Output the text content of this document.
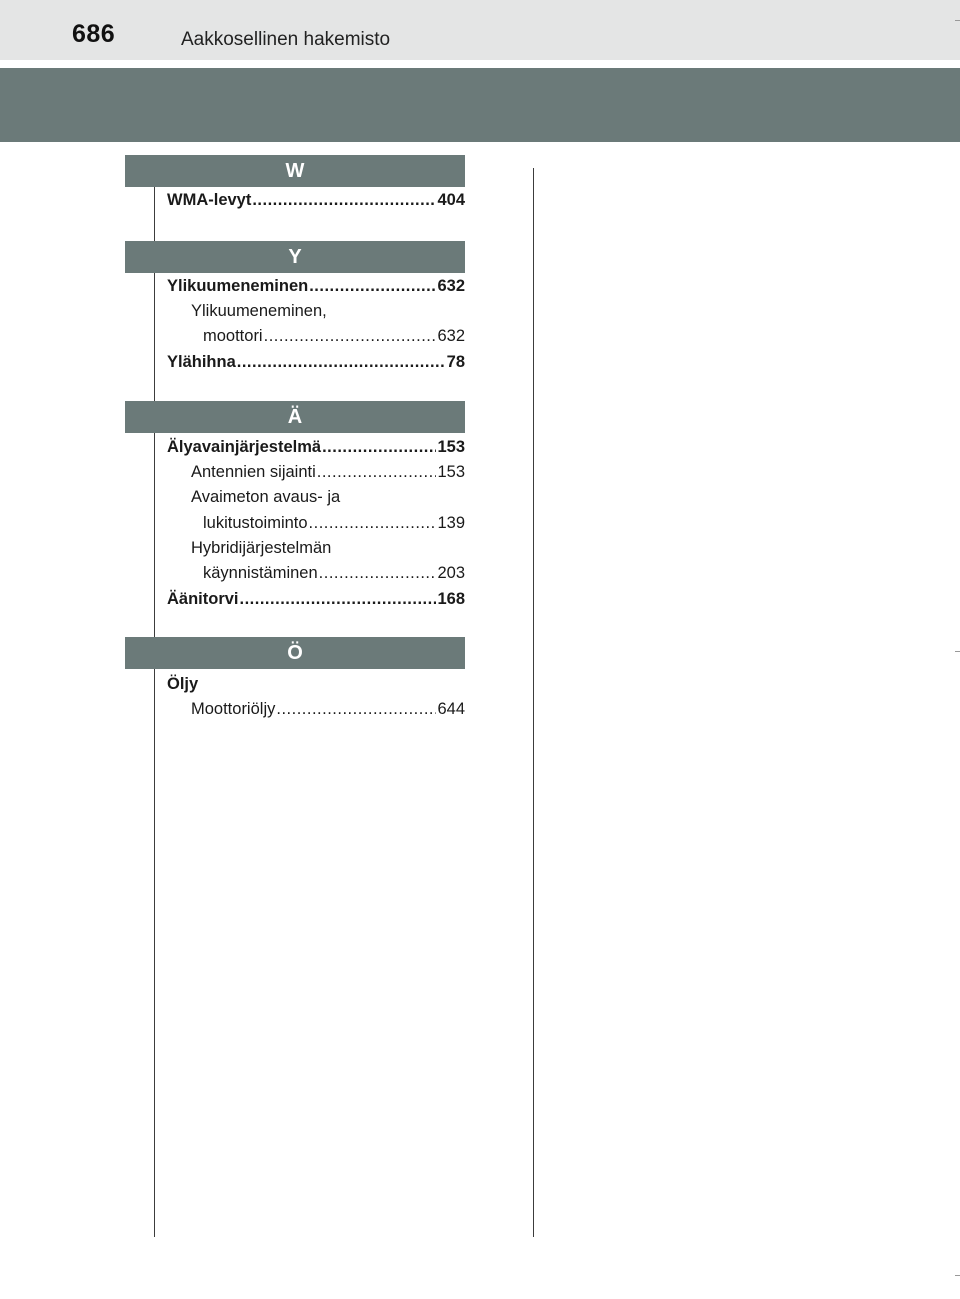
686	Aakkosellinen hakemisto
W
WMA-levyt .....	404
Y
Ylikuumeneminen .....	632
Ylikuumeneminen,
moottori .....	632
Ylähihna .....	78
Ä
Älyavainjärjestelmä .....	153
Antennien sijainti .....	153
Avaimeton avaus- ja
lukitustoiminto .....	139
Hybridijärjestelmän
käynnistäminen .....	203
Äänitorvi .....	168
Ö
Öljy
Moottoriöljy .....	644
